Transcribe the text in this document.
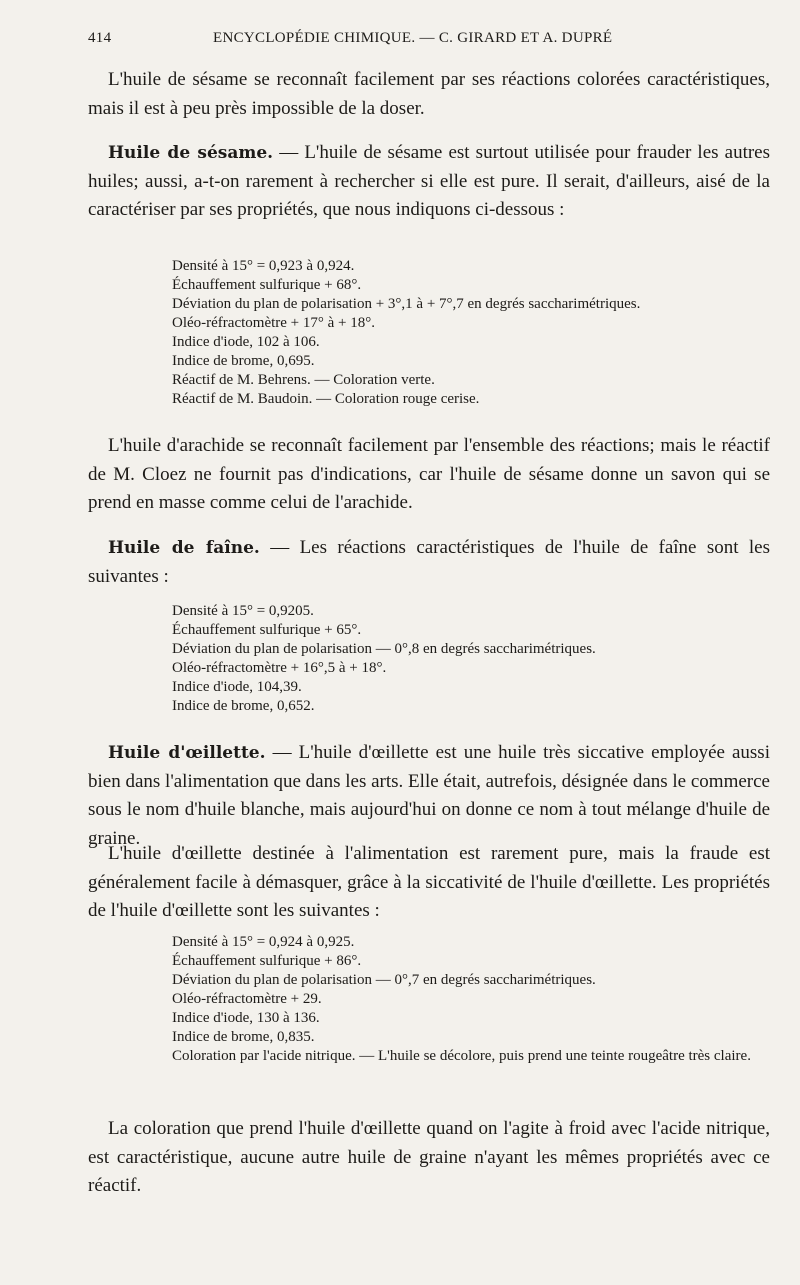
414	ENCYCLOPÉDIE CHIMIQUE. — C. GIRARD ET A. DUPRÉ
L'huile de sésame se reconnaît facilement par ses réactions colorées caractéristiques, mais il est à peu près impossible de la doser.
Huile de sésame. — L'huile de sésame est surtout utilisée pour frauder les autres huiles; aussi, a-t-on rarement à rechercher si elle est pure. Il serait, d'ailleurs, aisé de la caractériser par ses propriétés, que nous indiquons ci-dessous :
Densité à 15° = 0,923 à 0,924.
Échauffement sulfurique + 68°.
Déviation du plan de polarisation + 3°,1 à + 7°,7 en degrés saccharimétriques.
Oléo-réfractomètre + 17° à + 18°.
Indice d'iode, 102 à 106.
Indice de brome, 0,695.
Réactif de M. Behrens. — Coloration verte.
Réactif de M. Baudoin. — Coloration rouge cerise.
L'huile d'arachide se reconnaît facilement par l'ensemble des réactions; mais le réactif de M. Cloez ne fournit pas d'indications, car l'huile de sésame donne un savon qui se prend en masse comme celui de l'arachide.
Huile de faîne. — Les réactions caractéristiques de l'huile de faîne sont les suivantes :
Densité à 15° = 0,9205.
Échauffement sulfurique + 65°.
Déviation du plan de polarisation — 0°,8 en degrés saccharimétriques.
Oléo-réfractomètre + 16°,5 à + 18°.
Indice d'iode, 104,39.
Indice de brome, 0,652.
Huile d'œillette. — L'huile d'œillette est une huile très siccative employée aussi bien dans l'alimentation que dans les arts. Elle était, autrefois, désignée dans le commerce sous le nom d'huile blanche, mais aujourd'hui on donne ce nom à tout mélange d'huile de graine.
L'huile d'œillette destinée à l'alimentation est rarement pure, mais la fraude est généralement facile à démasquer, grâce à la siccativité de l'huile d'œillette. Les propriétés de l'huile d'œillette sont les suivantes :
Densité à 15° = 0,924 à 0,925.
Échauffement sulfurique + 86°.
Déviation du plan de polarisation — 0°,7 en degrés saccharimétriques.
Oléo-réfractomètre + 29.
Indice d'iode, 130 à 136.
Indice de brome, 0,835.
Coloration par l'acide nitrique. — L'huile se décolore, puis prend une teinte rougeâtre très claire.
La coloration que prend l'huile d'œillette quand on l'agite à froid avec l'acide nitrique, est caractéristique, aucune autre huile de graine n'ayant les mêmes propriétés avec ce réactif.
